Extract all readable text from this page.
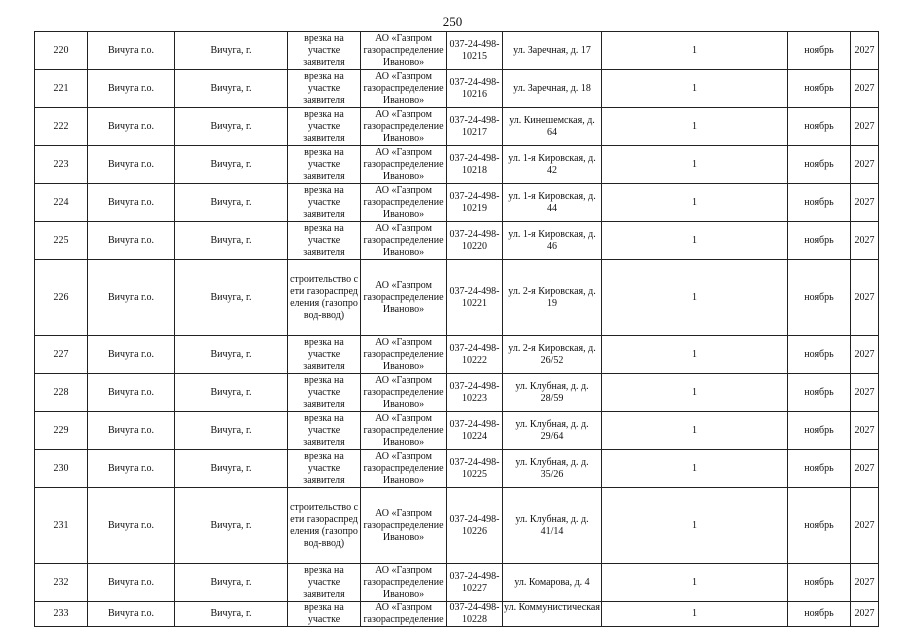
250
220	Вичуга г.о.	Вичуга, г.	врезка на участке заявителя	АО «Газпром газораспределение Иваново»	037-24-498-10215	ул. Заречная, д. 17	1	ноябрь	2027
221	Вичуга г.о.	Вичуга, г.	врезка на участке заявителя	АО «Газпром газораспределение Иваново»	037-24-498-10216	ул. Заречная, д. 18	1	ноябрь	2027
222	Вичуга г.о.	Вичуга, г.	врезка на участке заявителя	АО «Газпром газораспределение Иваново»	037-24-498-10217	ул. Кинешемская, д. 64	1	ноябрь	2027
223	Вичуга г.о.	Вичуга, г.	врезка на участке заявителя	АО «Газпром газораспределение Иваново»	037-24-498-10218	ул. 1-я Кировская, д. 42	1	ноябрь	2027
224	Вичуга г.о.	Вичуга, г.	врезка на участке заявителя	АО «Газпром газораспределение Иваново»	037-24-498-10219	ул. 1-я Кировская, д. 44	1	ноябрь	2027
225	Вичуга г.о.	Вичуга, г.	врезка на участке заявителя	АО «Газпром газораспределение Иваново»	037-24-498-10220	ул. 1-я Кировская, д. 46	1	ноябрь	2027
226	Вичуга г.о.	Вичуга, г.	строительство сети газораспределения (газопровод-ввод)	АО «Газпром газораспределение Иваново»	037-24-498-10221	ул. 2-я Кировская, д. 19	1	ноябрь	2027
227	Вичуга г.о.	Вичуга, г.	врезка на участке заявителя	АО «Газпром газораспределение Иваново»	037-24-498-10222	ул. 2-я Кировская, д. 26/52	1	ноябрь	2027
228	Вичуга г.о.	Вичуга, г.	врезка на участке заявителя	АО «Газпром газораспределение Иваново»	037-24-498-10223	ул. Клубная, д. д. 28/59	1	ноябрь	2027
229	Вичуга г.о.	Вичуга, г.	врезка на участке заявителя	АО «Газпром газораспределение Иваново»	037-24-498-10224	ул. Клубная, д. д. 29/64	1	ноябрь	2027
230	Вичуга г.о.	Вичуга, г.	врезка на участке заявителя	АО «Газпром газораспределение Иваново»	037-24-498-10225	ул. Клубная, д. д. 35/26	1	ноябрь	2027
231	Вичуга г.о.	Вичуга, г.	строительство сети газораспределения (газопровод-ввод)	АО «Газпром газораспределение Иваново»	037-24-498-10226	ул. Клубная, д. д. 41/14	1	ноябрь	2027
232	Вичуга г.о.	Вичуга, г.	врезка на участке заявителя	АО «Газпром газораспределение Иваново»	037-24-498-10227	ул. Комарова, д. 4	1	ноябрь	2027
233	Вичуга г.о.	Вичуга, г.	врезка на участке	АО «Газпром газораспределение	037-24-498-10228	ул. Коммунистическая	1	ноябрь	2027
